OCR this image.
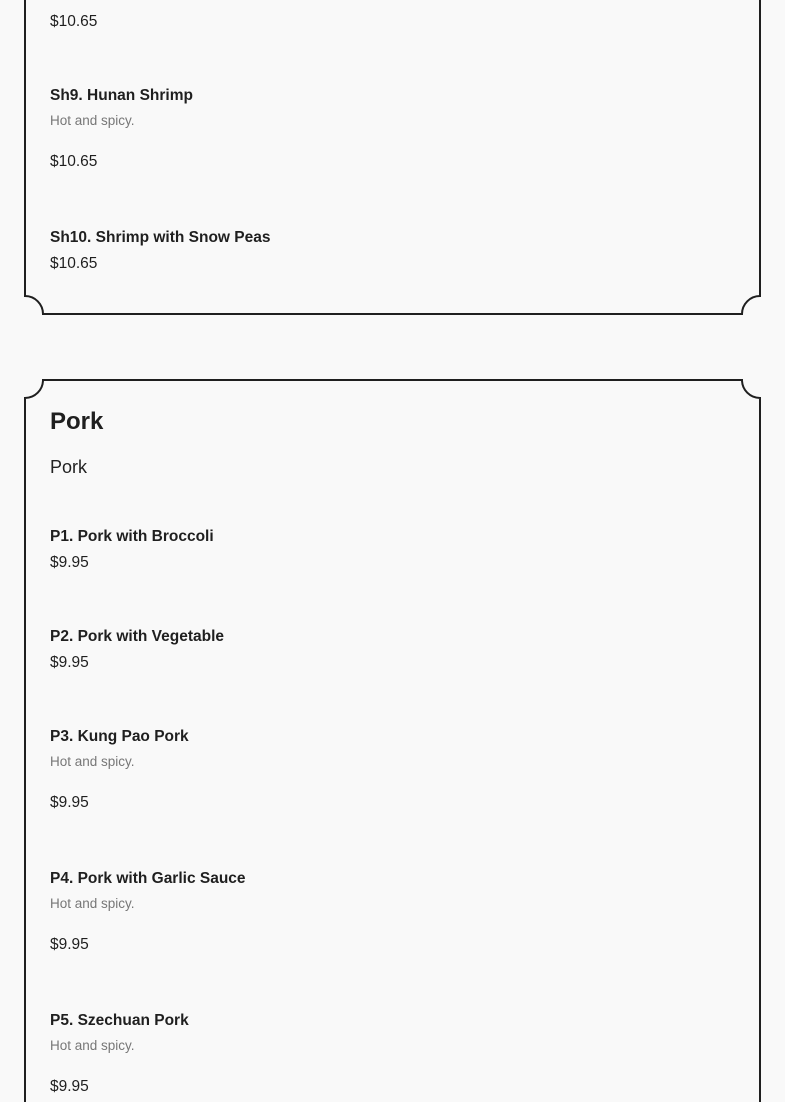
$10.65
Sh9. Hunan Shrimp
Hot and spicy.
$10.65
Sh10. Shrimp with Snow Peas
$10.65
Pork
Pork
P1. Pork with Broccoli
$9.95
P2. Pork with Vegetable
$9.95
P3. Kung Pao Pork
Hot and spicy.
$9.95
P4. Pork with Garlic Sauce
Hot and spicy.
$9.95
P5. Szechuan Pork
Hot and spicy.
$9.95
